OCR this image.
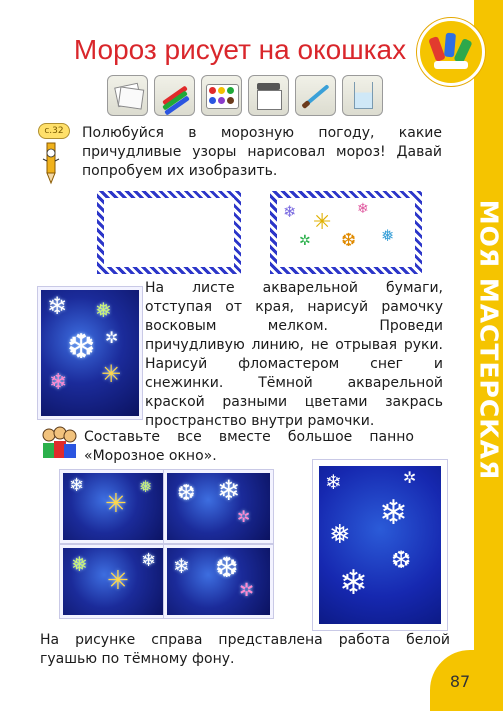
МОЯ МАСТЕРСКАЯ
Мороз рисует на окошках
с.32	Полюбуйся в морозную погоду, какие причудливые узоры нарисовал мороз! Давай попробуем их изобразить.
❄ ✳
❄
❅
✲ ❆
❄ ❅
❆
✳
❄
✲
На листе акварельной бумаги, отступая от края, нарисуй рамочку восковым мелком. Проведи причудливую линию, не отрывая руки. Нарисуй фломастером снег и снежинки. Тёмной акварельной краской разными цветами закрась пространство внутри рамочки.
Составьте все вместе большое панно «Морозное окно».
❄
✳
❅ ❆ ❄
✲
❅
✳
❄ ❄ ❆
✲
❄
❄
❅
❆
❄
✲
На рисунке справа представлена работа белой гуашью по тёмному фону.
87
